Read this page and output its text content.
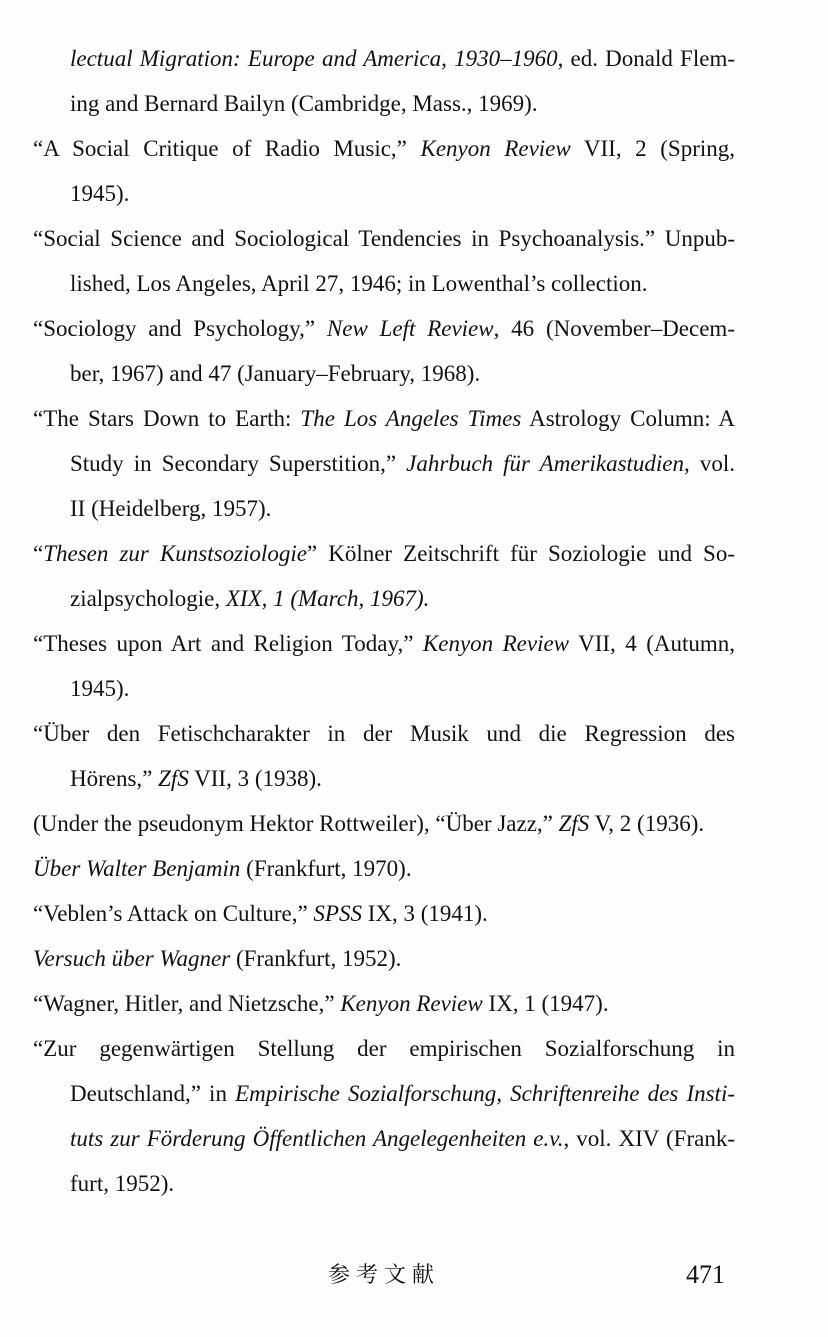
lectual Migration: Europe and America, 1930–1960, ed. Donald Flem-
ing and Bernard Bailyn (Cambridge, Mass., 1969).
“A Social Critique of Radio Music,” Kenyon Review VII, 2 (Spring,
1945).
“Social Science and Sociological Tendencies in Psychoanalysis.” Unpub-
lished, Los Angeles, April 27, 1946; in Lowenthal’s collection.
“Sociology and Psychology,” New Left Review, 46 (November–Decem-
ber, 1967) and 47 (January–February, 1968).
“The Stars Down to Earth: The Los Angeles Times Astrology Column: A
Study in Secondary Superstition,” Jahrbuch für Amerikastudien, vol.
II (Heidelberg, 1957).
“Thesen zur Kunstsoziologie” Kölner Zeitschrift für Soziologie und So-
zialpsychologie, XIX, 1 (March, 1967).
“Theses upon Art and Religion Today,” Kenyon Review VII, 4 (Autumn,
1945).
“Über den Fetischcharakter in der Musik und die Regression des
Hörens,” ZfS VII, 3 (1938).
(Under the pseudonym Hektor Rottweiler), “Über Jazz,” ZfS V, 2 (1936).
Über Walter Benjamin (Frankfurt, 1970).
“Veblen’s Attack on Culture,” SPSS IX, 3 (1941).
Versuch über Wagner (Frankfurt, 1952).
“Wagner, Hitler, and Nietzsche,” Kenyon Review IX, 1 (1947).
“Zur gegenwärtigen Stellung der empirischen Sozialforschung in
Deutschland,” in Empirische Sozialforschung, Schriftenreihe des Insti-
tuts zur Förderung Öffentlichen Angelegenheiten e.v., vol. XIV (Frank-
furt, 1952).
参考文献	471
